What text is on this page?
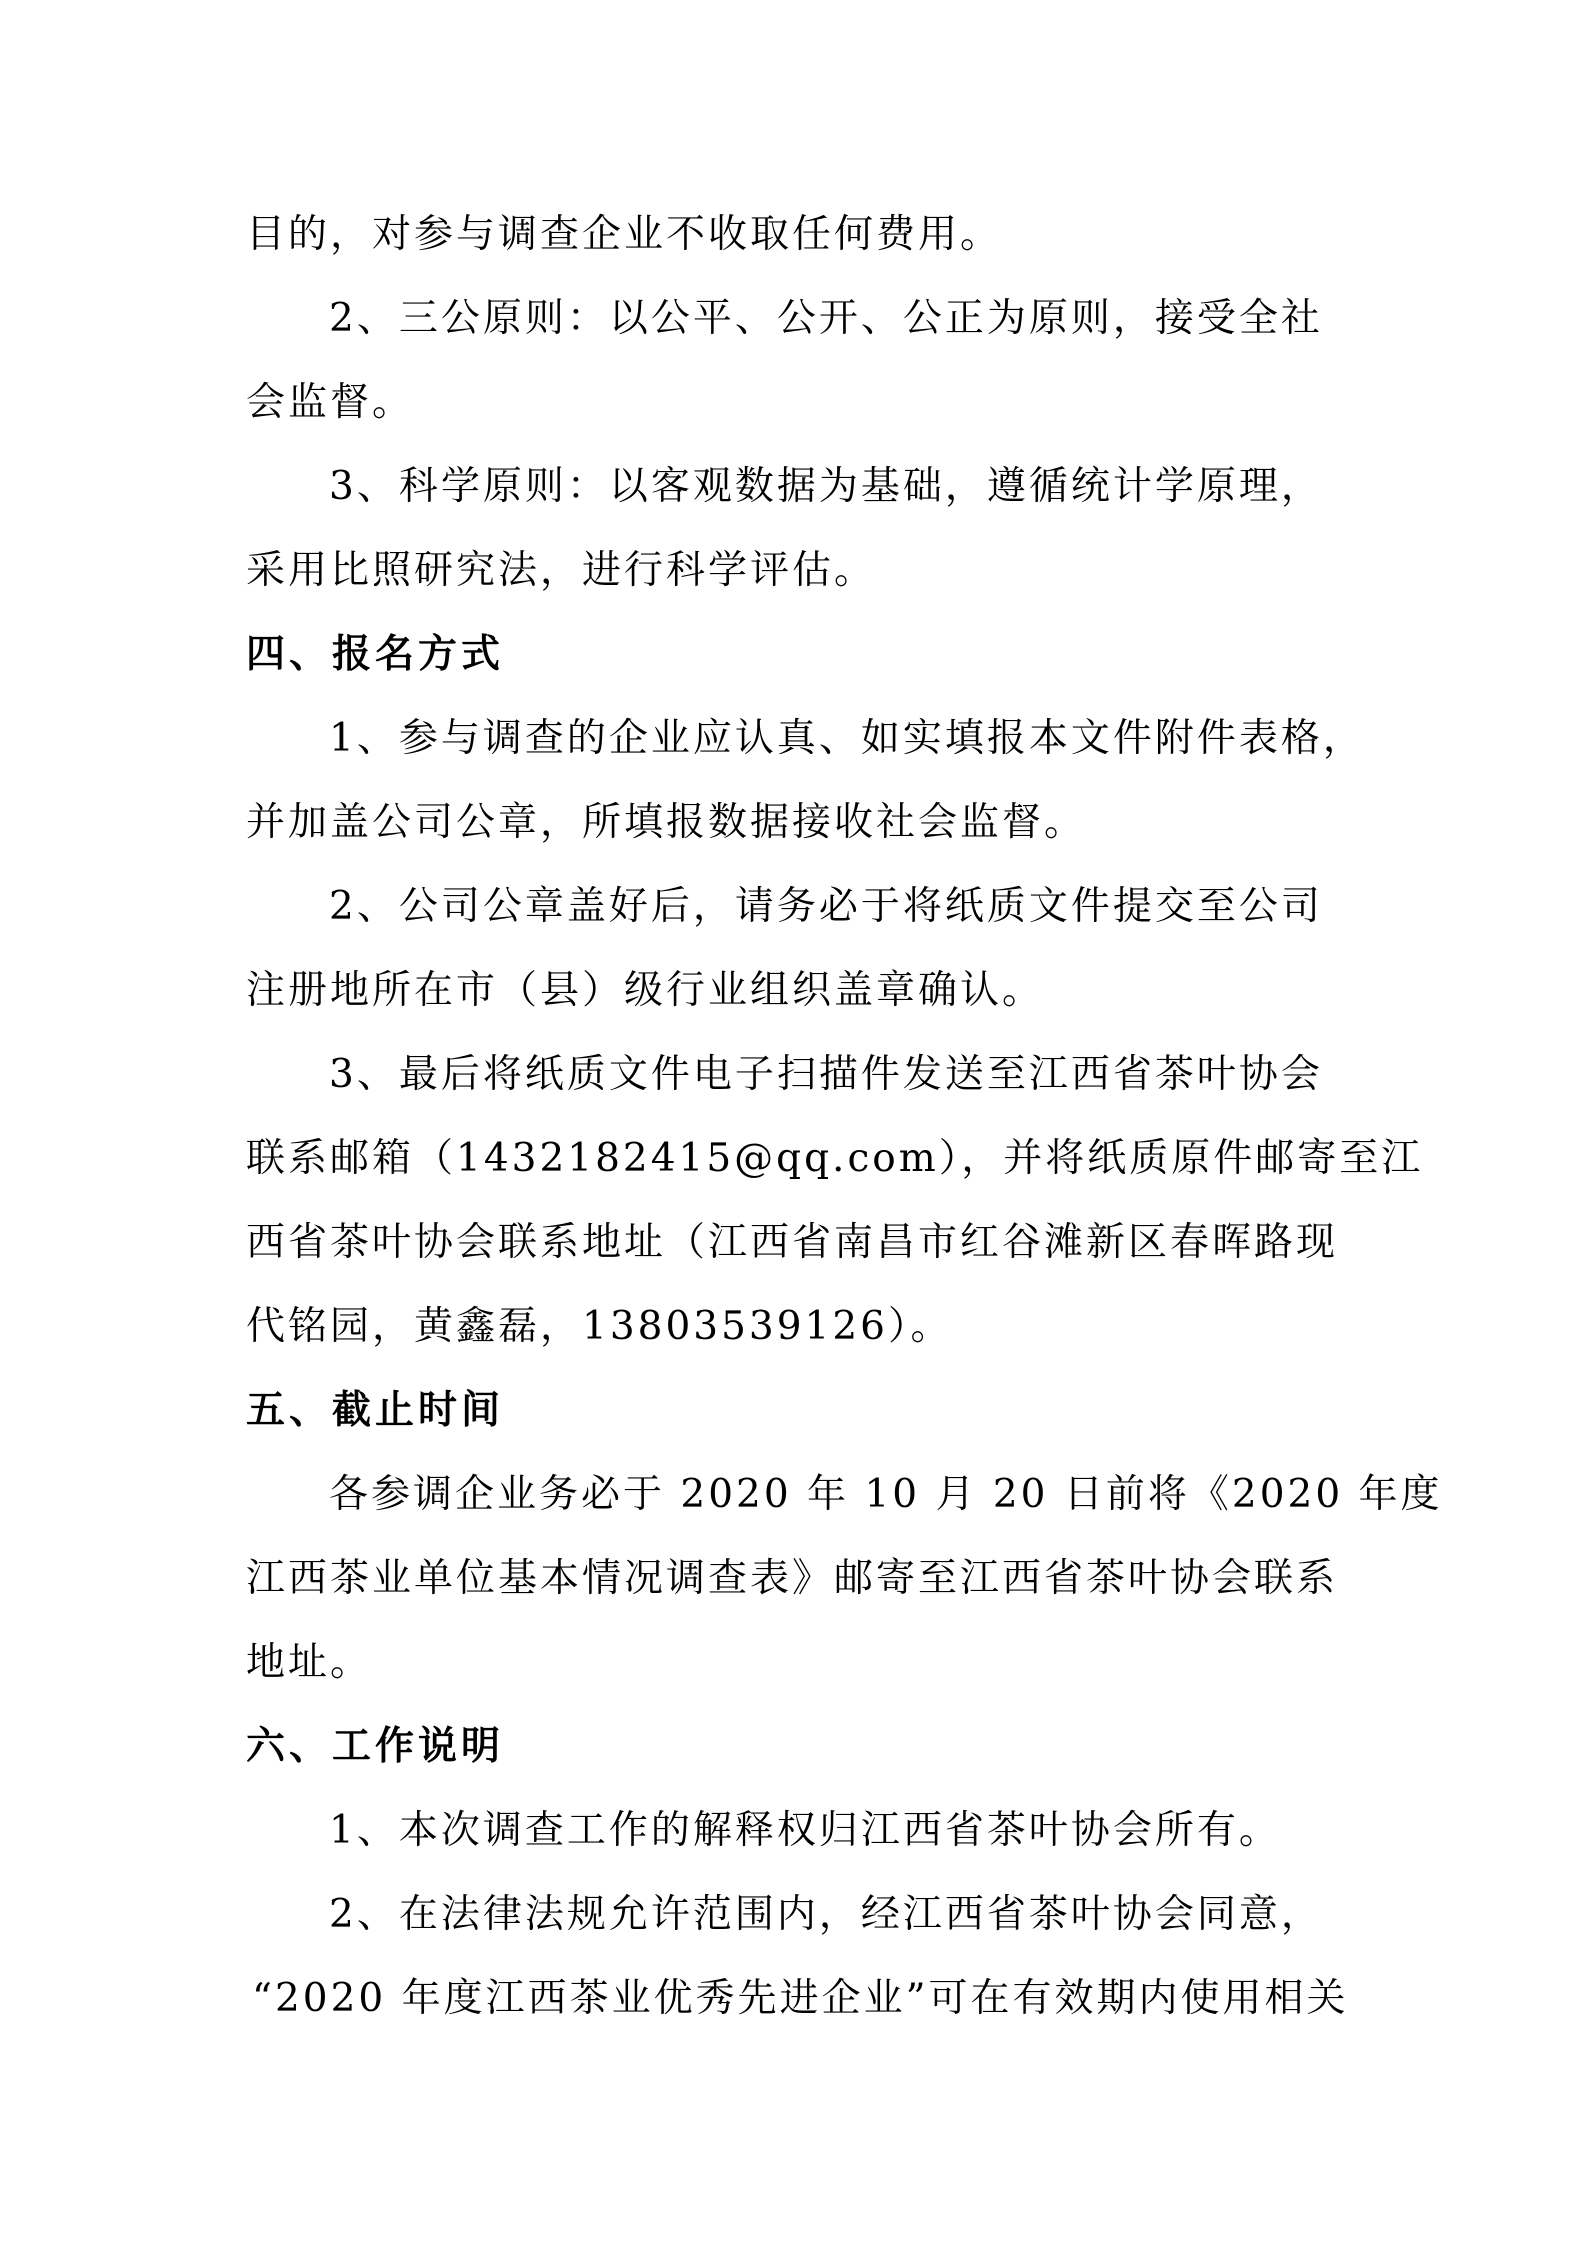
目的，对参与调查企业不收取任何费用。
2、三公原则：以公平、公开、公正为原则，接受全社
会监督。
3、科学原则：以客观数据为基础，遵循统计学原理，
采用比照研究法，进行科学评估。
四、报名方式
1、参与调查的企业应认真、如实填报本文件附件表格，
并加盖公司公章，所填报数据接收社会监督。
2、公司公章盖好后，请务必于将纸质文件提交至公司
注册地所在市（县）级行业组织盖章确认。
3、最后将纸质文件电子扫描件发送至江西省茶叶协会
联系邮箱（1432182415@qq.com），并将纸质原件邮寄至江
西省茶叶协会联系地址（江西省南昌市红谷滩新区春晖路现
代铭园，黄鑫磊，13803539126）。
五、截止时间
各参调企业务必于 2020 年 10 月 20 日前将《2020 年度
江西茶业单位基本情况调查表》邮寄至江西省茶叶协会联系
地址。
六、工作说明
1、本次调查工作的解释权归江西省茶叶协会所有。
2、在法律法规允许范围内，经江西省茶叶协会同意，
“2020 年度江西茶业优秀先进企业”可在有效期内使用相关
